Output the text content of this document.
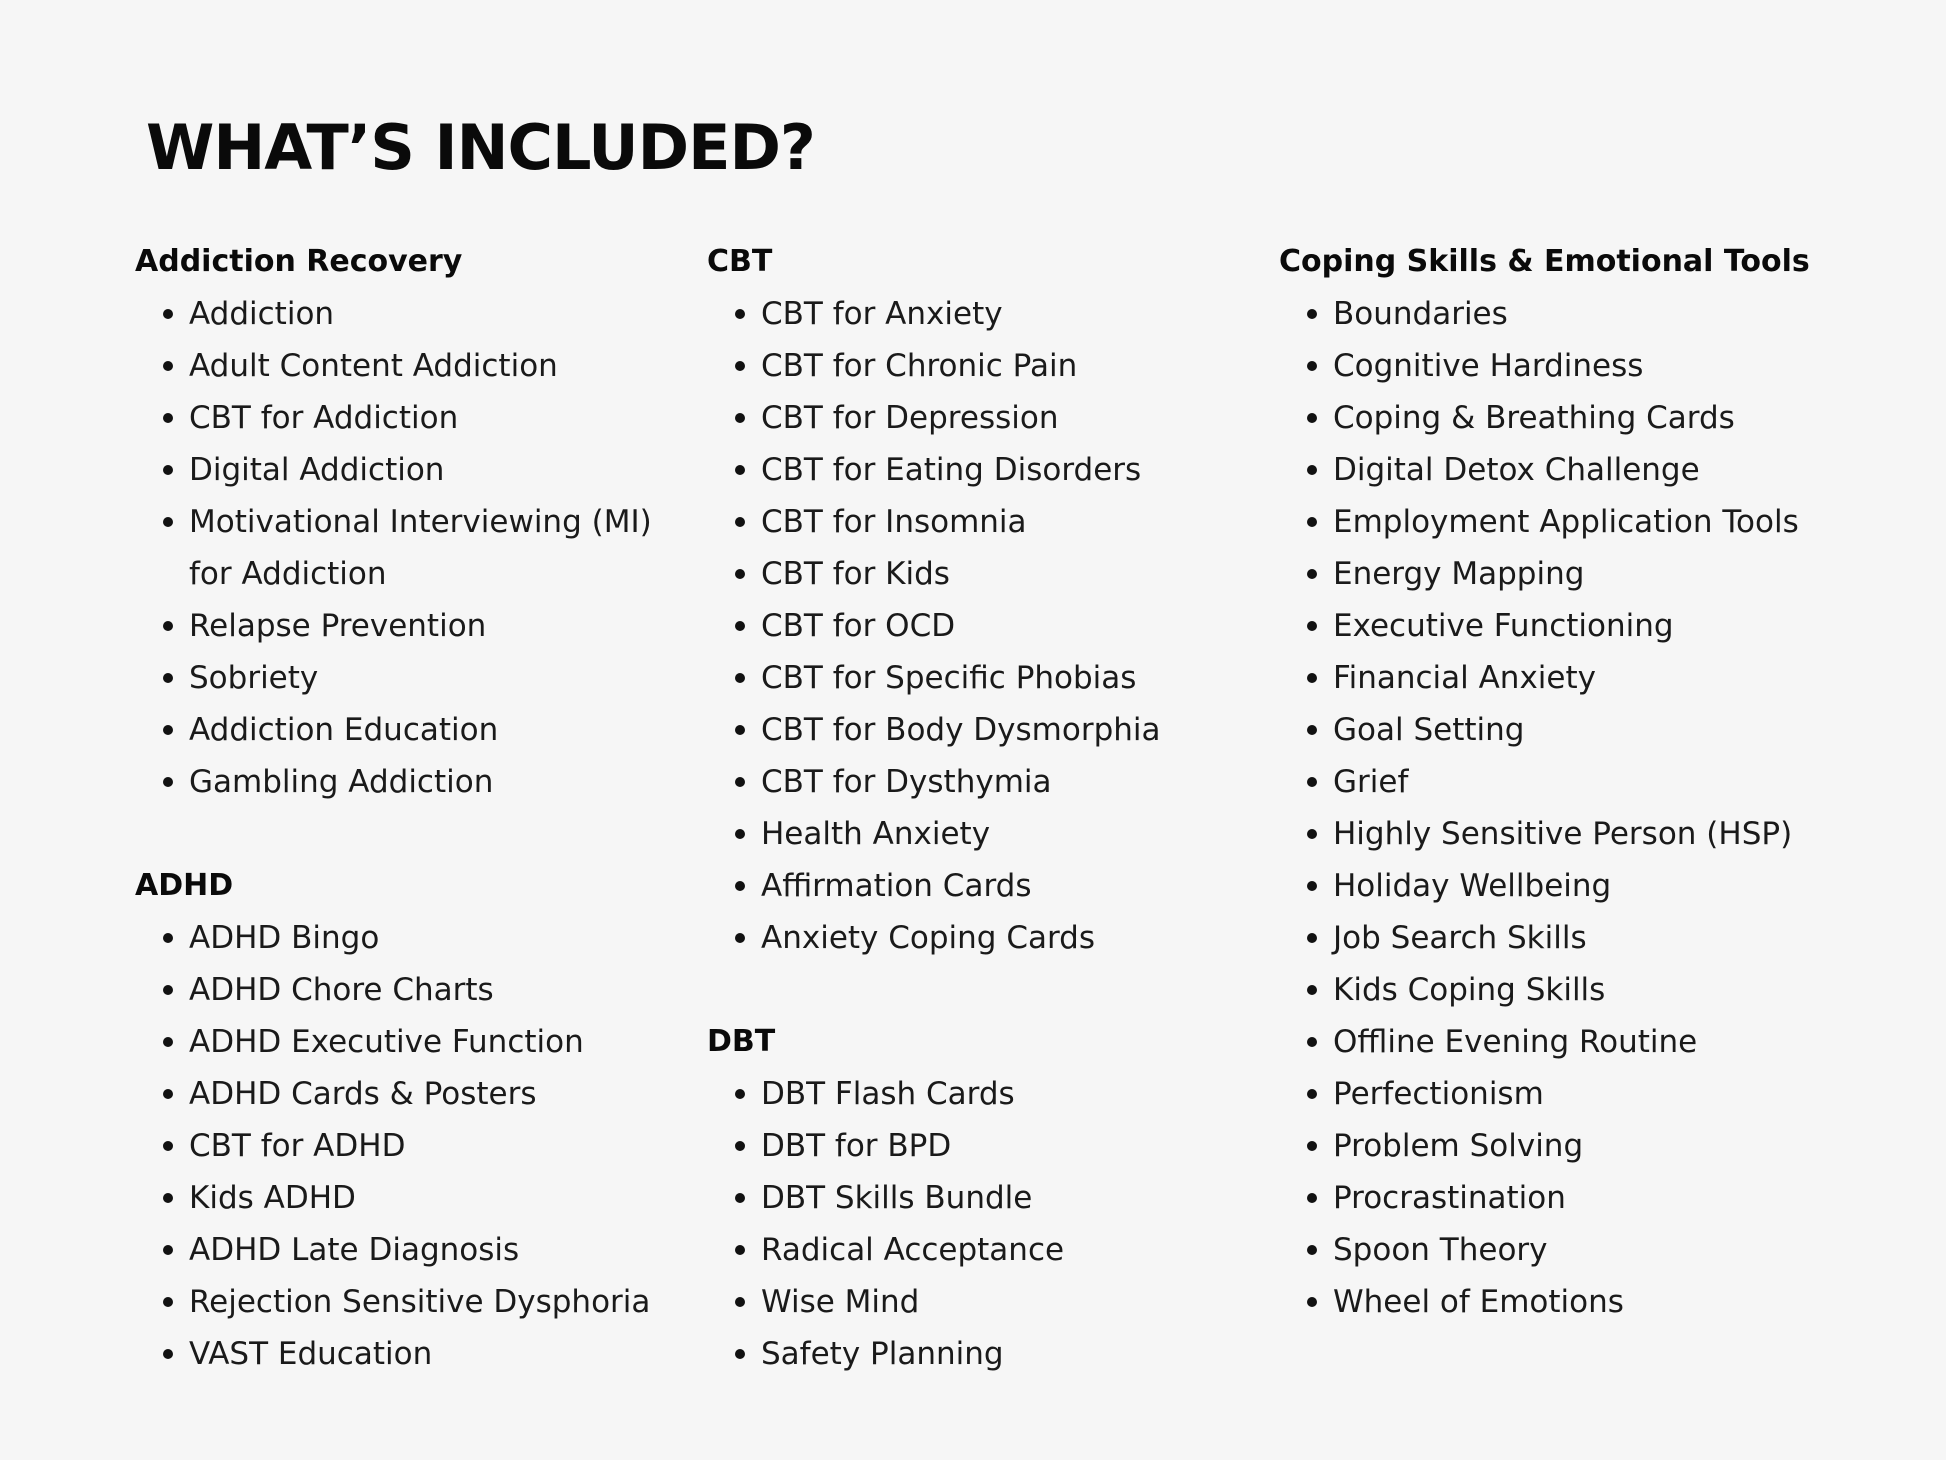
WHAT’S INCLUDED?
Addiction Recovery
Addiction
Adult Content Addiction
CBT for Addiction
Digital Addiction
Motivational Interviewing (MI) for Addiction
Relapse Prevention
Sobriety
Addiction Education
Gambling Addiction
ADHD
ADHD Bingo
ADHD Chore Charts
ADHD Executive Function
ADHD Cards & Posters
CBT for ADHD
Kids ADHD
ADHD Late Diagnosis
Rejection Sensitive Dysphoria
VAST Education
CBT
CBT for Anxiety
CBT for Chronic Pain
CBT for Depression
CBT for Eating Disorders
CBT for Insomnia
CBT for Kids
CBT for OCD
CBT for Specific Phobias
CBT for Body Dysmorphia
CBT for Dysthymia
Health Anxiety
Affirmation Cards
Anxiety Coping Cards
DBT
DBT Flash Cards
DBT for BPD
DBT Skills Bundle
Radical Acceptance
Wise Mind
Safety Planning
Coping Skills & Emotional Tools
Boundaries
Cognitive Hardiness
Coping & Breathing Cards
Digital Detox Challenge
Employment Application Tools
Energy Mapping
Executive Functioning
Financial Anxiety
Goal Setting
Grief
Highly Sensitive Person (HSP)
Holiday Wellbeing
Job Search Skills
Kids Coping Skills
Offline Evening Routine
Perfectionism
Problem Solving
Procrastination
Spoon Theory
Wheel of Emotions
